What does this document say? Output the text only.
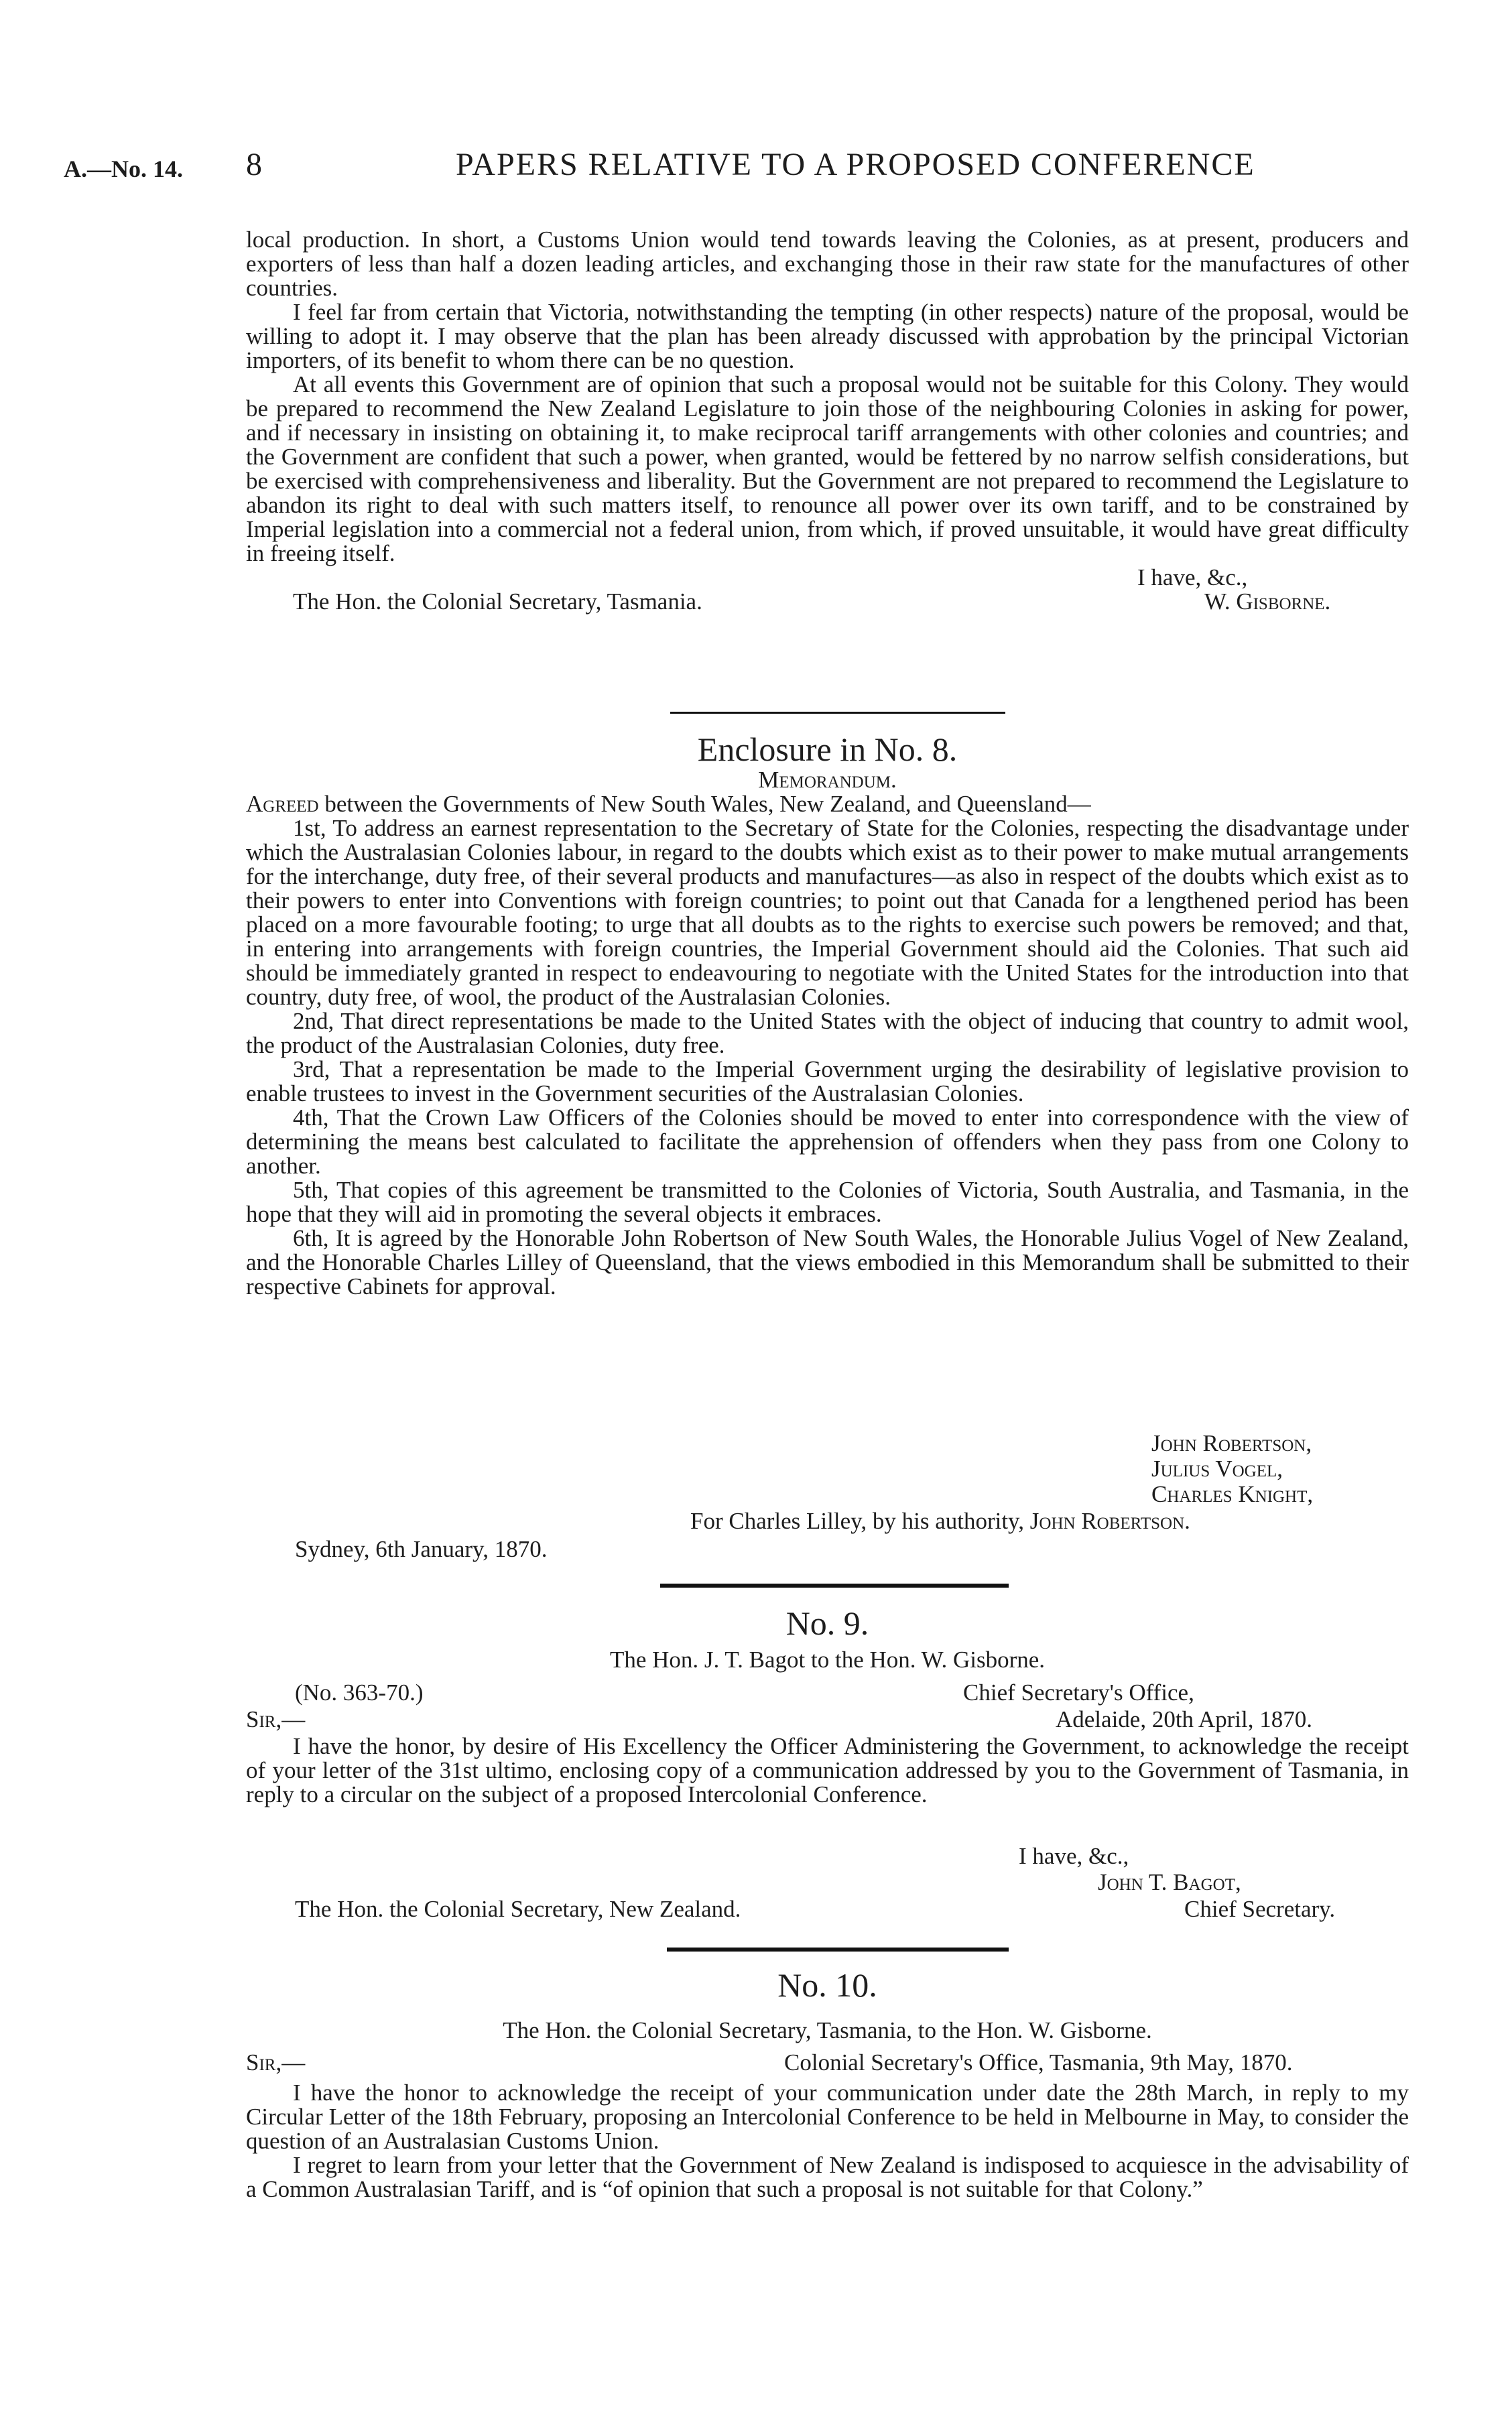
A.—No. 14. 8	PAPERS RELATIVE TO A PROPOSED CONFERENCE

local production. In short, a Customs Union would tend towards leaving the Colonies, as at present, producers and exporters of less than half a dozen leading articles, and exchanging those in their raw state for the manufactures of other countries.

I feel far from certain that Victoria, notwithstanding the tempting (in other respects) nature of the proposal, would be willing to adopt it. I may observe that the plan has been already discussed with approbation by the principal Victorian importers, of its benefit to whom there can be no question.

At all events this Government are of opinion that such a proposal would not be suitable for this Colony. They would be prepared to recommend the New Zealand Legislature to join those of the neighbouring Colonies in asking for power, and if necessary in insisting on obtaining it, to make reciprocal tariff arrangements with other colonies and countries; and the Government are confident that such a power, when granted, would be fettered by no narrow selfish considerations, but be exercised with comprehensiveness and liberality. But the Government are not prepared to recommend the Legislature to abandon its right to deal with such matters itself, to renounce all power over its own tariff, and to be constrained by Imperial legislation into a commercial not a federal union, from which, if proved unsuitable, it would have great difficulty in freeing itself.

I have, &c.,
The Hon. the Colonial Secretary, Tasmania.	W. Gisborne.
Enclosure in No. 8.
Memorandum.

Agreed between the Governments of New South Wales, New Zealand, and Queensland—

1st, To address an earnest representation to the Secretary of State for the Colonies, respecting the disadvantage under which the Australasian Colonies labour, in regard to the doubts which exist as to their power to make mutual arrangements for the interchange, duty free, of their several products and manufactures—as also in respect of the doubts which exist as to their powers to enter into Conventions with foreign countries; to point out that Canada for a lengthened period has been placed on a more favourable footing; to urge that all doubts as to the rights to exercise such powers be removed; and that, in entering into arrangements with foreign countries, the Imperial Government should aid the Colonies. That such aid should be immediately granted in respect to endeavouring to negotiate with the United States for the introduction into that country, duty free, of wool, the product of the Australasian Colonies.

2nd, That direct representations be made to the United States with the object of inducing that country to admit wool, the product of the Australasian Colonies, duty free.

3rd, That a representation be made to the Imperial Government urging the desirability of legislative provision to enable trustees to invest in the Government securities of the Australasian Colonies.

4th, That the Crown Law Officers of the Colonies should be moved to enter into correspondence with the view of determining the means best calculated to facilitate the apprehension of offenders when they pass from one Colony to another.

5th, That copies of this agreement be transmitted to the Colonies of Victoria, South Australia, and Tasmania, in the hope that they will aid in promoting the several objects it embraces.

6th, It is agreed by the Honorable John Robertson of New South Wales, the Honorable Julius Vogel of New Zealand, and the Honorable Charles Lilley of Queensland, that the views embodied in this Memorandum shall be submitted to their respective Cabinets for approval.

John Robertson,
Julius Vogel,
Charles Knight,
For Charles Lilley, by his authority, John Robertson.
Sydney, 6th January, 1870.
No. 9.
The Hon. J. T. Bagot to the Hon. W. Gisborne.
(No. 363-70.)	Chief Secretary's Office,
Sir,—	Adelaide, 20th April, 1870.

I have the honor, by desire of His Excellency the Officer Administering the Government, to acknowledge the receipt of your letter of the 31st ultimo, enclosing copy of a communication addressed by you to the Government of Tasmania, in reply to a circular on the subject of a proposed Intercolonial Conference.

I have, &c.,
John T. Bagot,
The Hon. the Colonial Secretary, New Zealand.	Chief Secretary.
No. 10.
The Hon. the Colonial Secretary, Tasmania, to the Hon. W. Gisborne.
Sir,—	Colonial Secretary's Office, Tasmania, 9th May, 1870.

I have the honor to acknowledge the receipt of your communication under date the 28th March, in reply to my Circular Letter of the 18th February, proposing an Intercolonial Conference to be held in Melbourne in May, to consider the question of an Australasian Customs Union.

I regret to learn from your letter that the Government of New Zealand is indisposed to acquiesce in the advisability of a Common Australasian Tariff, and is “of opinion that such a proposal is not suitable for that Colony.”
